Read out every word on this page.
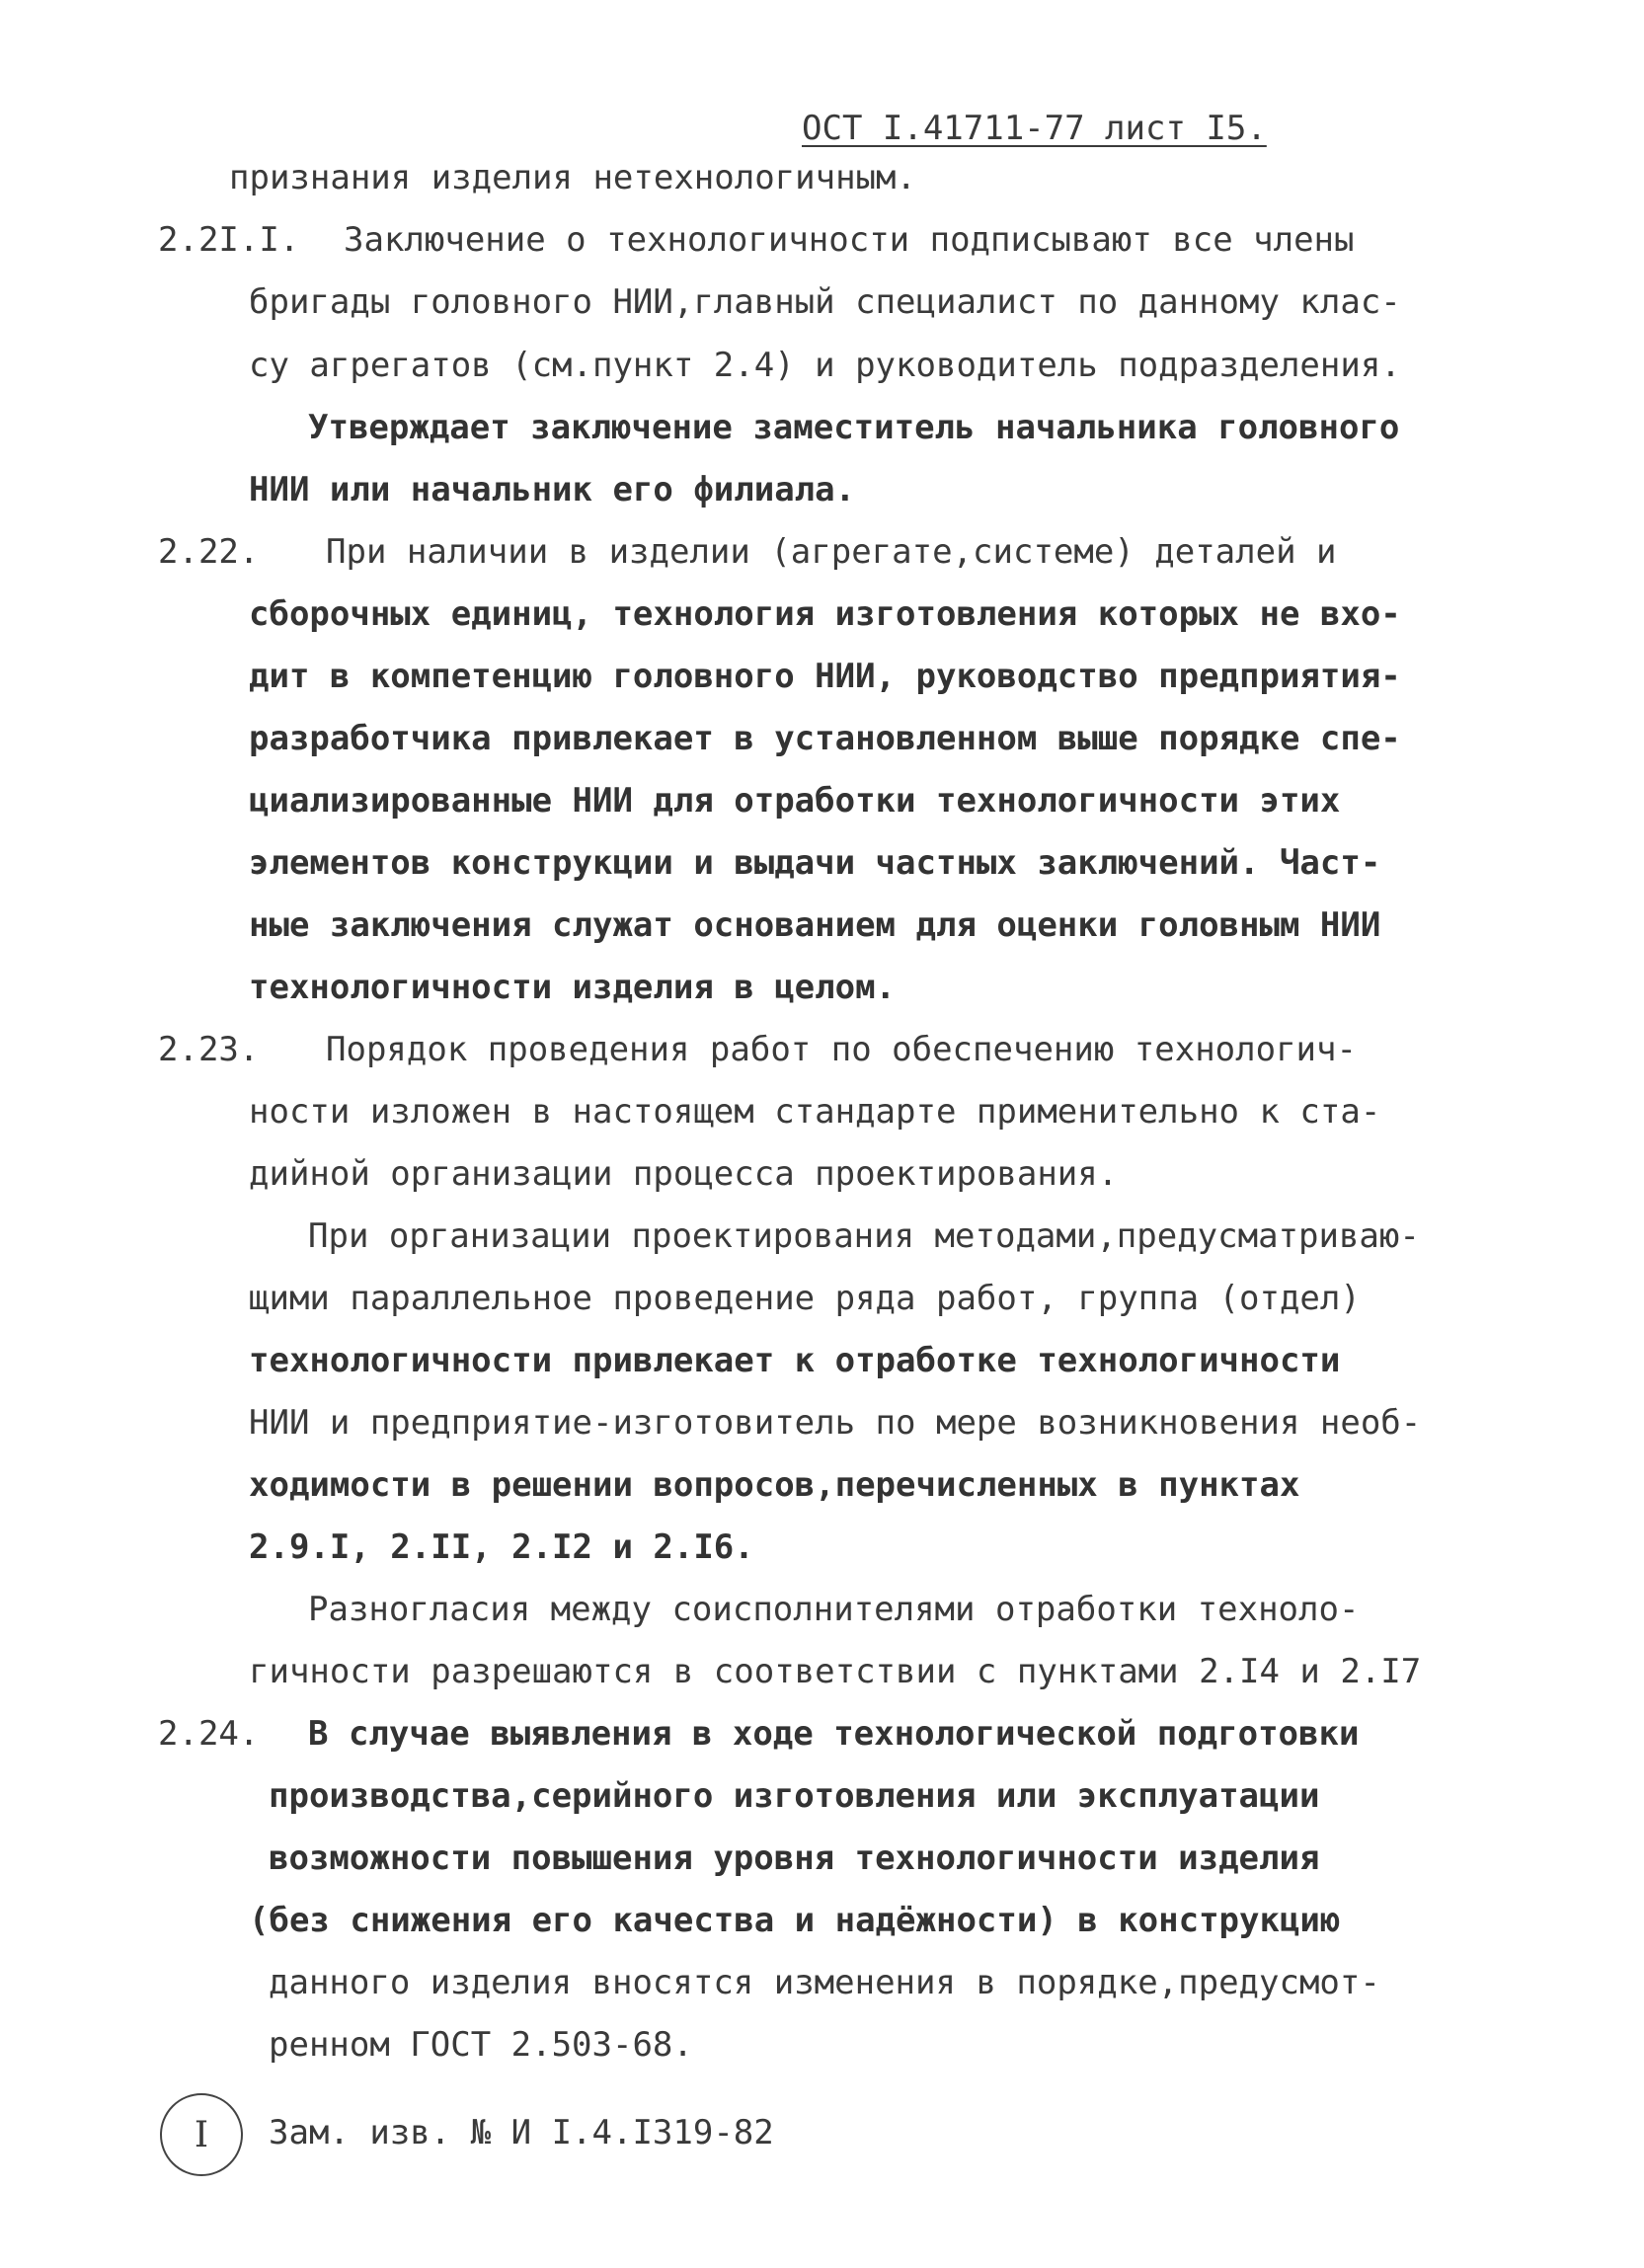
ОСТ I.41711-77 лист I5.
признания изделия нетехнологичным.
2.2I.I. Заключение о технологичности подписывают все члены
бригады головного НИИ,главный специалист по данному клас-
су агрегатов (см.пункт 2.4) и руководитель подразделения.
Утверждает заключение заместитель начальника головного
НИИ или начальник его филиала.
2.22. При наличии в изделии (агрегате,системе) деталей и
сборочных единиц, технология изготовления которых не вхо-
дит в компетенцию головного НИИ, руководство предприятия-
разработчика привлекает в установленном выше порядке спе-
циализированные НИИ для отработки технологичности этих
элементов конструкции и выдачи частных заключений. Част-
ные заключения служат основанием для оценки головным НИИ
технологичности изделия в целом.
2.23. Порядок проведения работ по обеспечению технологич-
ности изложен в настоящем стандарте применительно к ста-
дийной организации процесса проектирования.
При организации проектирования методами,предусматриваю-
щими параллельное проведение ряда работ, группа (отдел)
технологичности привлекает к отработке технологичности
НИИ и предприятие-изготовитель по мере возникновения необ-
ходимости в решении вопросов,перечисленных в пунктах
2.9.I, 2.II, 2.I2 и 2.I6.
Разногласия между соисполнителями отработки техноло-
гичности разрешаются в соответствии с пунктами 2.I4 и 2.I7
2.24. В случае выявления в ходе технологической подготовки
производства,серийного изготовления или эксплуатации
возможности повышения уровня технологичности изделия
(без снижения его качества и надёжности) в конструкцию
данного изделия вносятся изменения в порядке,предусмот-
ренном ГОСТ 2.503-68.
I Зам. изв. № И I.4.I319-82
